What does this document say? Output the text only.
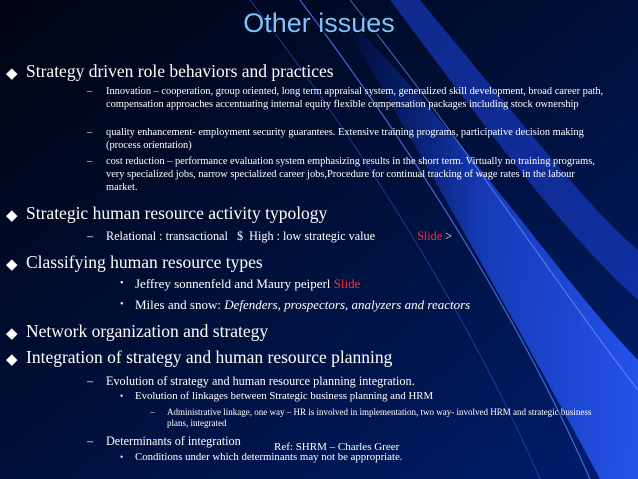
Other issues
◆ Strategy driven role behaviors and practices
– Innovation – cooperation, group oriented, long term appraisal system, generalized skill development, broad career path, compensation approaches accentuating internal equity flexible compensation packages including stock ownership
– quality enhancement- employment security guarantees. Extensive training programs, participative decision making (process orientation)
– cost reduction – performance evaluation system emphasizing results in the short term. Virtually no training programs, very specialized jobs, narrow specialized career jobs,Procedure for continual tracking of wage rates in the labour market.
◆ Strategic human resource activity typology
– Relational : transactional   $  High : low strategic value	Slide >
◆ Classifying human resource types
• Jeffrey sonnenfeld and Maury peiperl Slide
• Miles and snow: Defenders, prospectors, analyzers and reactors
◆ Network organization and strategy
◆ Integration of strategy and human resource planning
– Evolution of strategy and human resource planning integration.
• Evolution of linkages between Strategic business planning and HRM
– Administrative linkage, one way – HR is involved in implementation, two way- involved HRM and strategic business plans, integrated
– Determinants of integration
• Conditions under which determinants may not be appropriate.
Ref: SHRM – Charles Greer
